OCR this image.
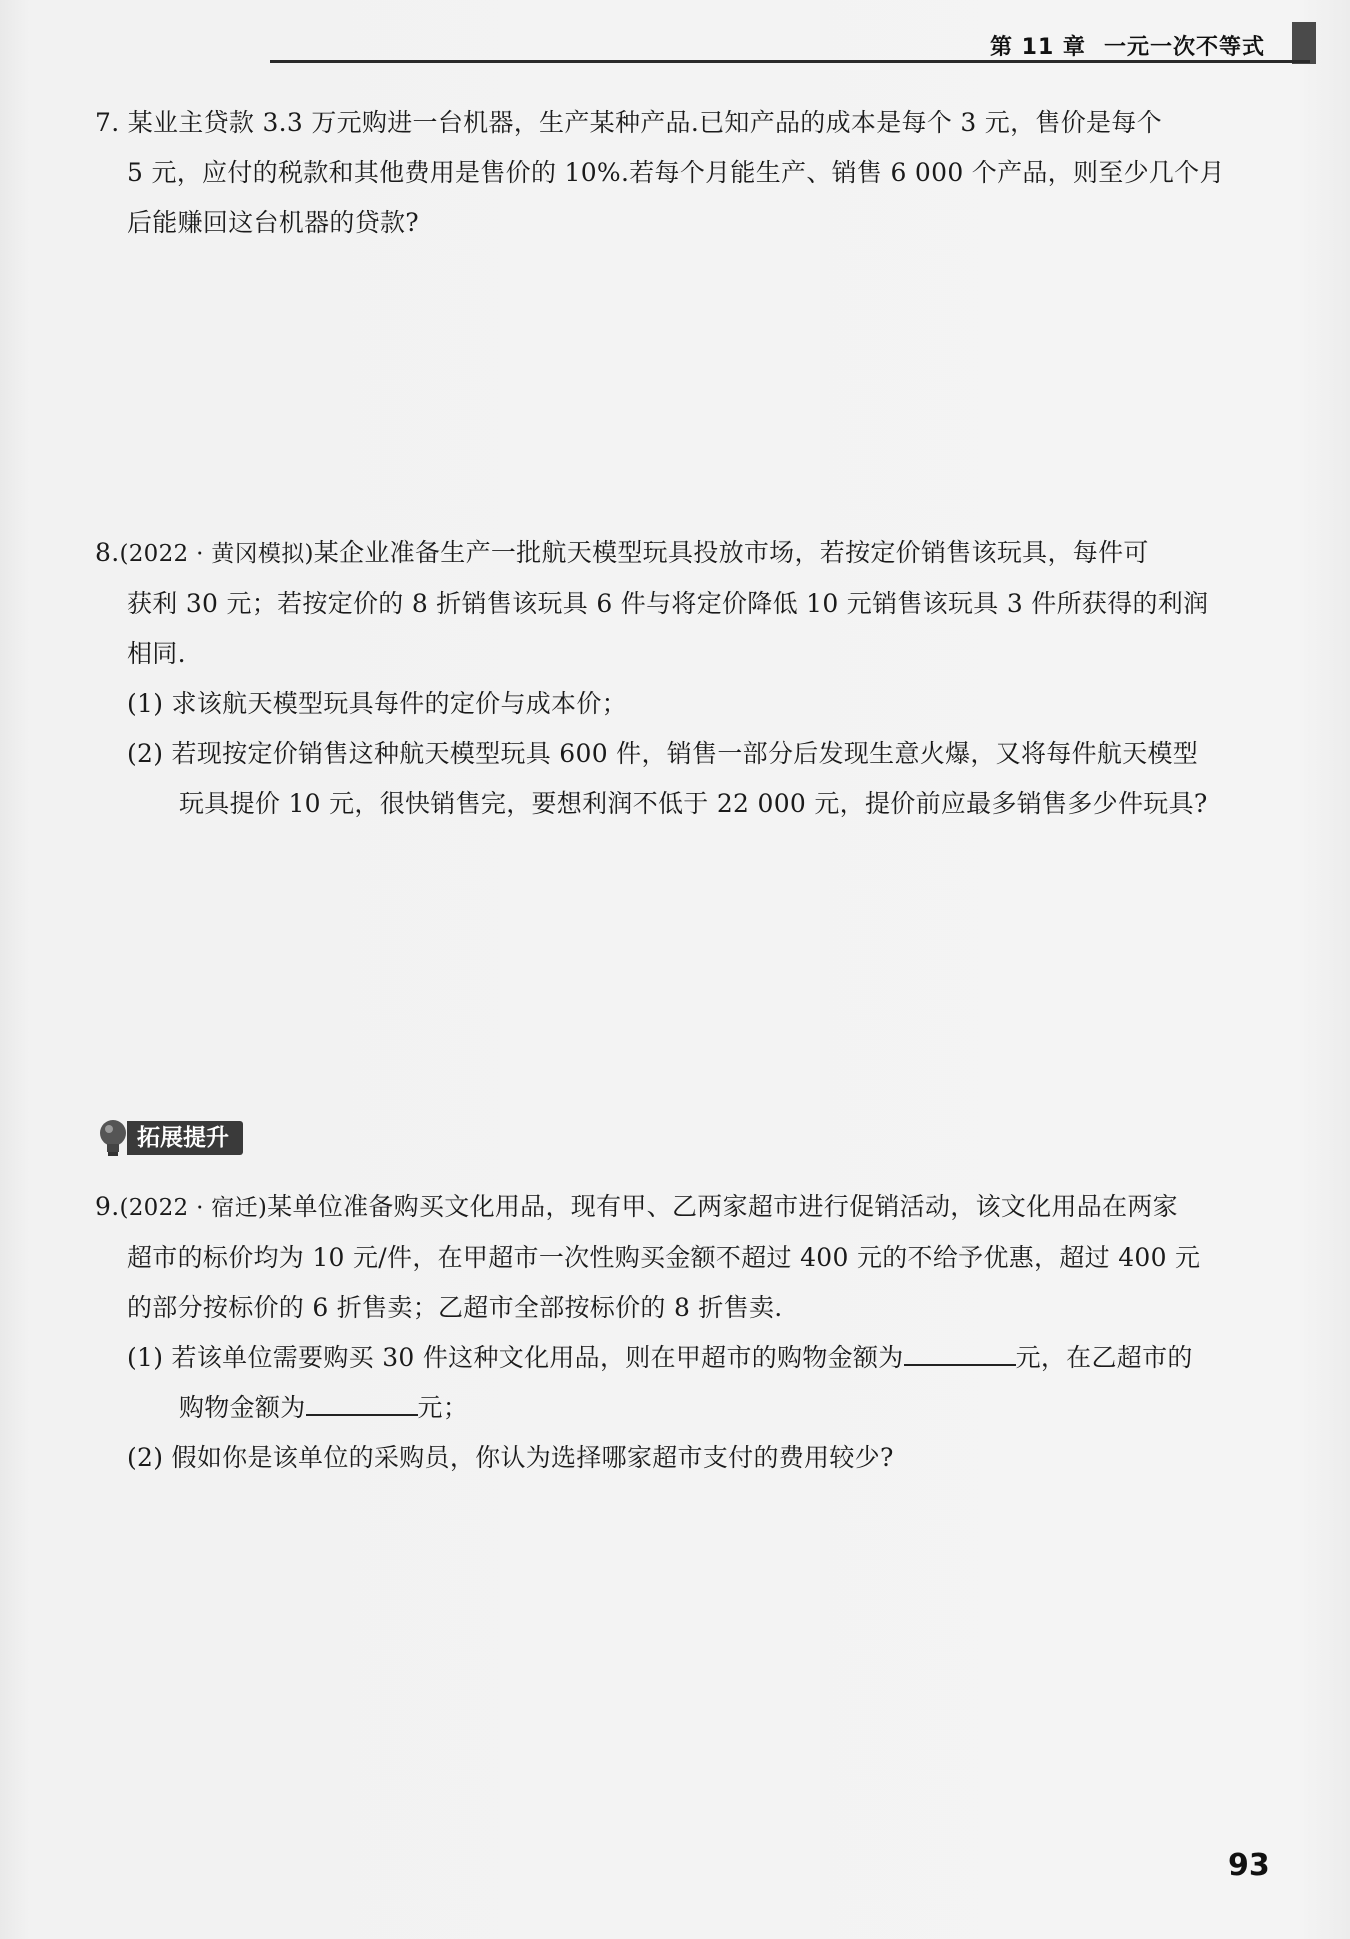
第 11 章 一元一次不等式
7. 某业主贷款 3.3 万元购进一台机器，生产某种产品.已知产品的成本是每个 3 元，售价是每个
5 元，应付的税款和其他费用是售价的 10%.若每个月能生产、销售 6 000 个产品，则至少几个月
后能赚回这台机器的贷款?
8.(2022 · 黄冈模拟)某企业准备生产一批航天模型玩具投放市场，若按定价销售该玩具，每件可
获利 30 元；若按定价的 8 折销售该玩具 6 件与将定价降低 10 元销售该玩具 3 件所获得的利润
相同.
(1) 求该航天模型玩具每件的定价与成本价；
(2) 若现按定价销售这种航天模型玩具 600 件，销售一部分后发现生意火爆，又将每件航天模型
玩具提价 10 元，很快销售完，要想利润不低于 22 000 元，提价前应最多销售多少件玩具?
拓展提升
9.(2022 · 宿迁)某单位准备购买文化用品，现有甲、乙两家超市进行促销活动，该文化用品在两家
超市的标价均为 10 元/件，在甲超市一次性购买金额不超过 400 元的不给予优惠，超过 400 元
的部分按标价的 6 折售卖；乙超市全部按标价的 8 折售卖.
(1) 若该单位需要购买 30 件这种文化用品，则在甲超市的购物金额为	元，在乙超市的
购物金额为	元；
(2) 假如你是该单位的采购员，你认为选择哪家超市支付的费用较少?
93
